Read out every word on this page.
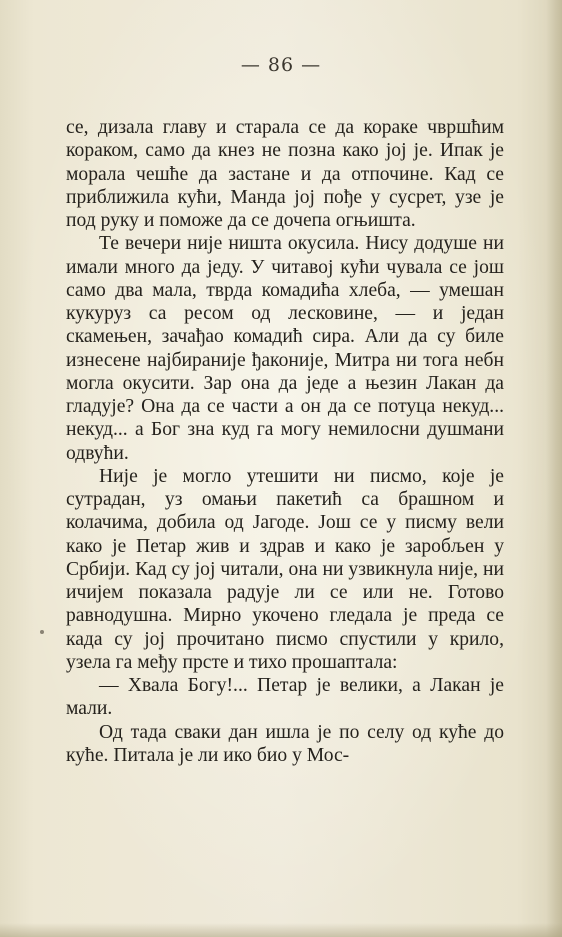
— 86 —

се, дизала главу и старала се да кораке чвршћим кораком, само да кнез не позна како јој је. Ипак је морала чешће да застане и да отпочине. Кад се приближила кући, Манда јој пође у сусрет, узе је под руку и поможе да се дочепа огњишта.

Те вечери није ништа окусила. Нису додуше ни имали много да једу. У читавој кући чувала се још само два мала, тврда комадића хлеба, — умешан кукуруз са ресом од лесковине, — и један скамењен, зачађао комадић сира. Али да су биле изнесене најбираније ђаконије, Митра ни тога небн могла окусити. Зар она да једе а њезин Лакан да гладује? Она да се части а он да се потуца некуд... некуд... а Бог зна куд га могу немилосни душмани одвући.

Није је могло утешити ни писмо, које је сутрадан, уз омањи пакетић са брашном и колачима, добила од Јагоде. Још се у писму вели како је Петар жив и здрав и како је заробљен у Србији. Кад су јој читали, она ни узвикнула није, ни ичијем показала радује ли се или не. Готово равнодушна. Мирно укочено гледала је преда се када су јој прочитано писмо спустили у крило, узела га међу прсте и тихо прошаптала:

— Хвала Богу!... Петар је велики, а Лакан је мали.

Од тада сваки дан ишла је по селу од куће до куће. Питала је ли ико био у Мос-
